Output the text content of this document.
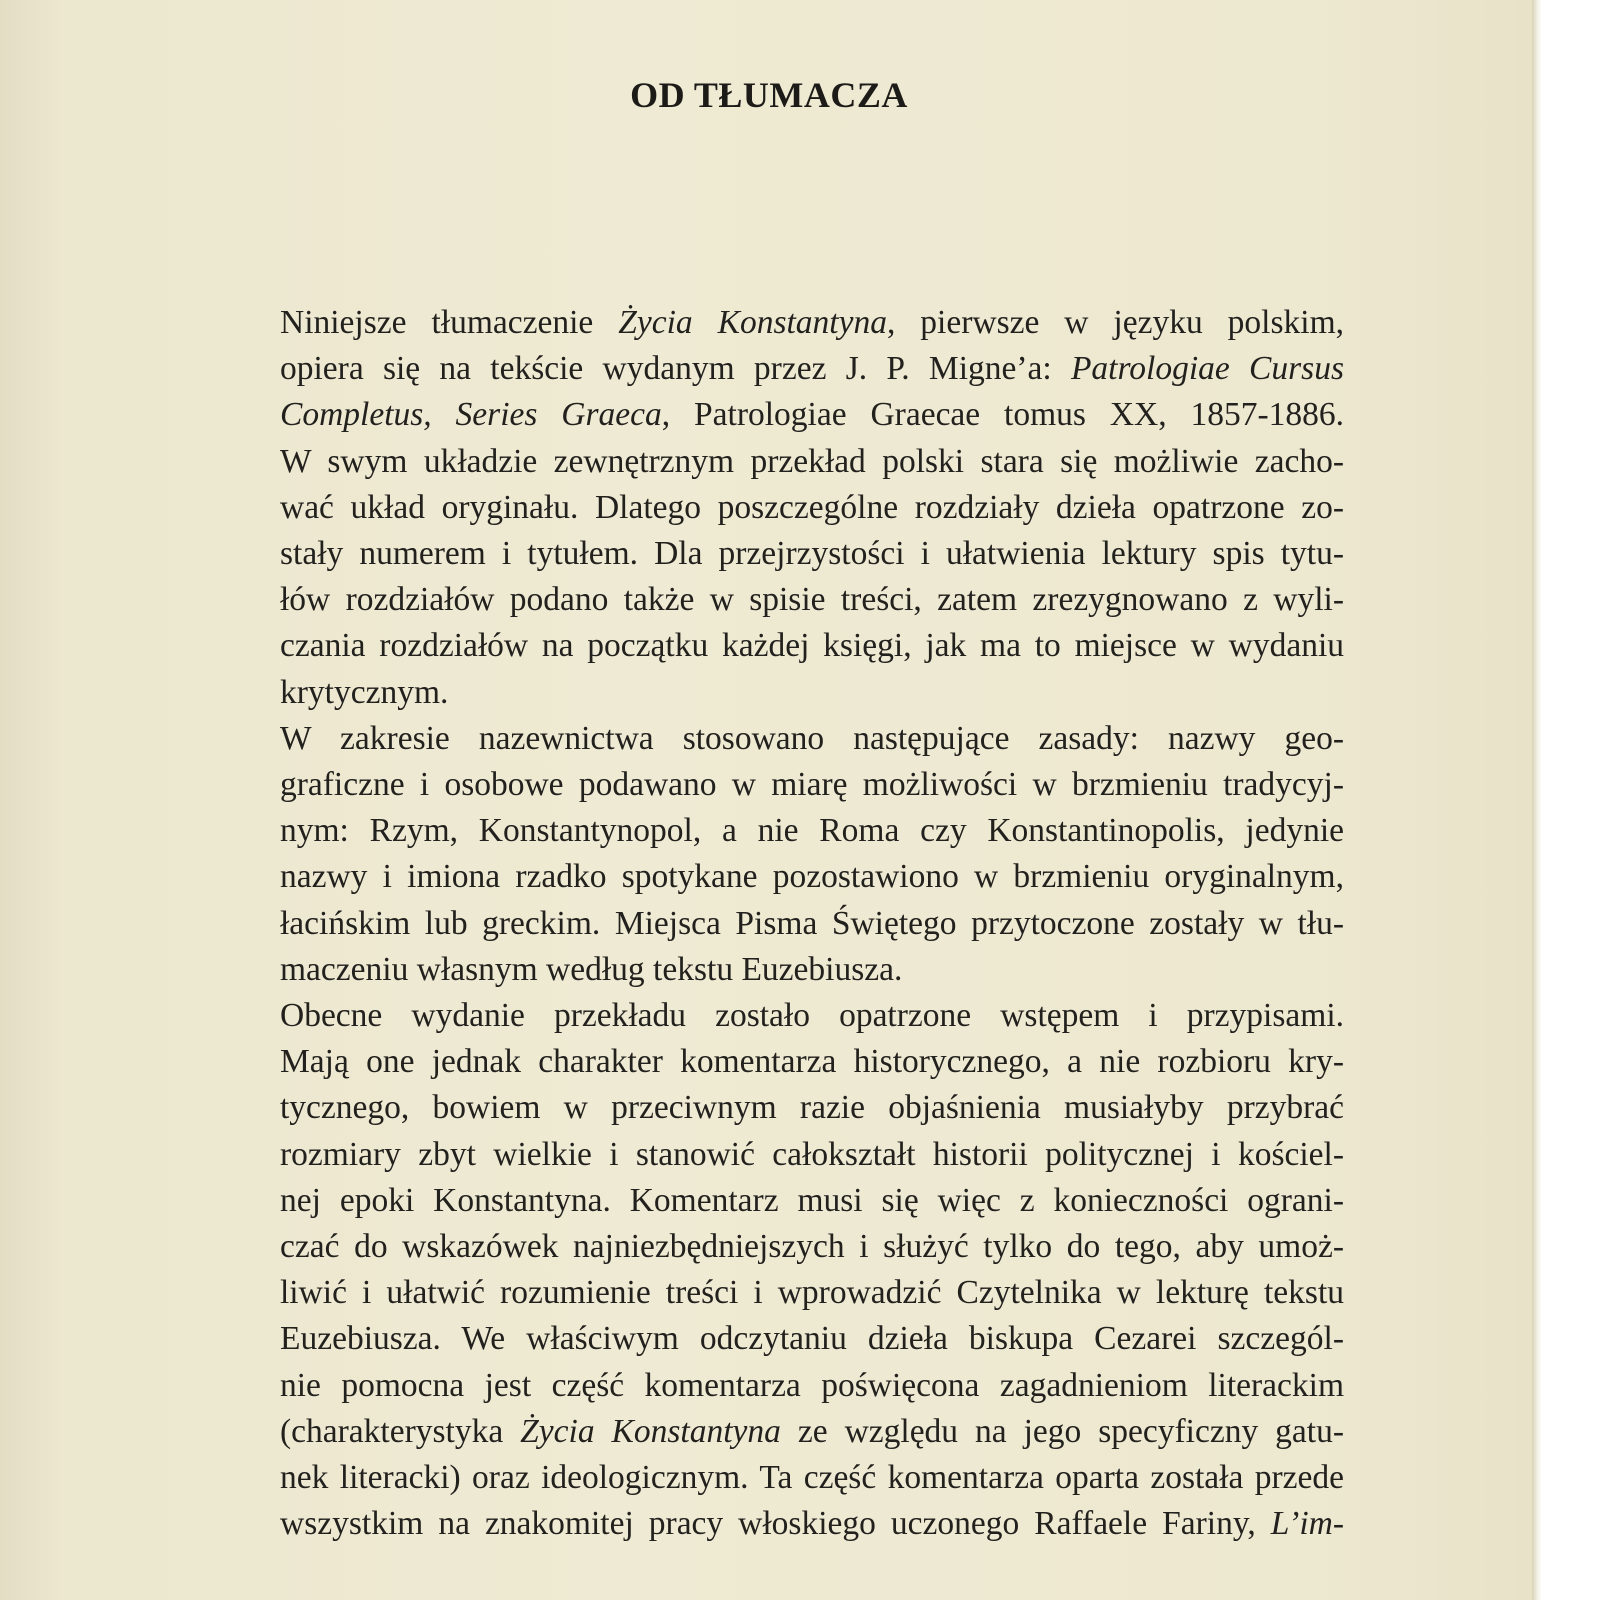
OD TŁUMACZA

Niniejsze tłumaczenie Życia Konstantyna, pierwsze w języku polskim,
opiera się na tekście wydanym przez J. P. Migne’a: Patrologiae Cursus
Completus, Series Graeca, Patrologiae Graecae tomus XX, 1857-1886.
W swym układzie zewnętrznym przekład polski stara się możliwie zacho-
wać układ oryginału. Dlatego poszczególne rozdziały dzieła opatrzone zo-
stały numerem i tytułem. Dla przejrzystości i ułatwienia lektury spis tytu-
łów rozdziałów podano także w spisie treści, zatem zrezygnowano z wyli-
czania rozdziałów na początku każdej księgi, jak ma to miejsce w wydaniu
krytycznym.

W zakresie nazewnictwa stosowano następujące zasady: nazwy geo-
graficzne i osobowe podawano w miarę możliwości w brzmieniu tradycyj-
nym: Rzym, Konstantynopol, a nie Roma czy Konstantinopolis, jedynie
nazwy i imiona rzadko spotykane pozostawiono w brzmieniu oryginalnym,
łacińskim lub greckim. Miejsca Pisma Świętego przytoczone zostały w tłu-
maczeniu własnym według tekstu Euzebiusza.

Obecne wydanie przekładu zostało opatrzone wstępem i przypisami.
Mają one jednak charakter komentarza historycznego, a nie rozbioru kry-
tycznego, bowiem w przeciwnym razie objaśnienia musiałyby przybrać
rozmiary zbyt wielkie i stanowić całokształt historii politycznej i kościel-
nej epoki Konstantyna. Komentarz musi się więc z konieczności ograni-
czać do wskazówek najniezbędniejszych i służyć tylko do tego, aby umoż-
liwić i ułatwić rozumienie treści i wprowadzić Czytelnika w lekturę tekstu
Euzebiusza. We właściwym odczytaniu dzieła biskupa Cezarei szczegól-
nie pomocna jest część komentarza poświęcona zagadnieniom literackim
(charakterystyka Życia Konstantyna ze względu na jego specyficzny gatu-
nek literacki) oraz ideologicznym. Ta część komentarza oparta została przede
wszystkim na znakomitej pracy włoskiego uczonego Raffaele Fariny, L’im-
